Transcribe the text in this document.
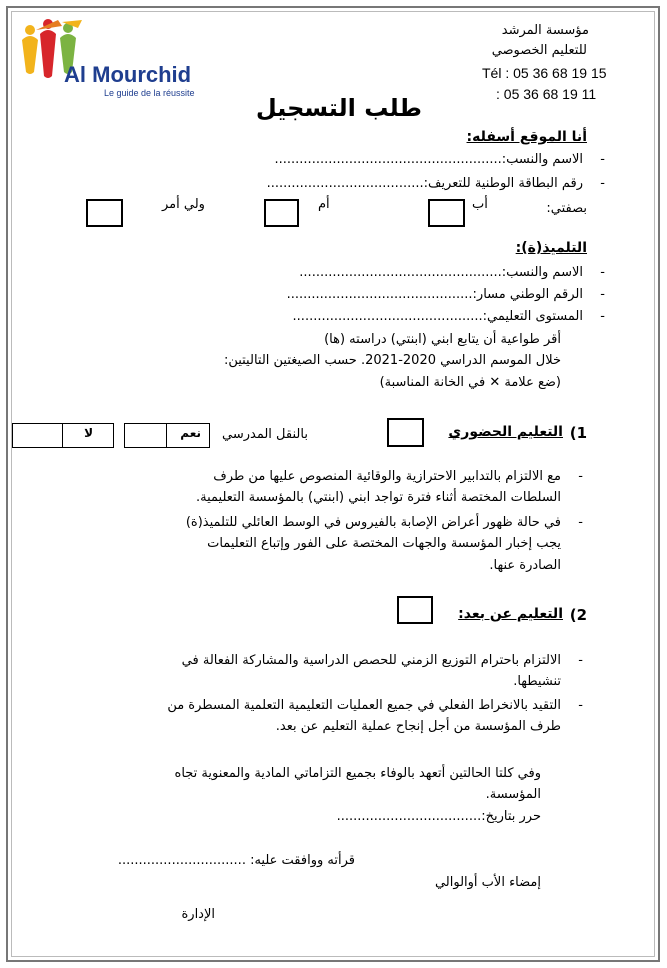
Al Mourchid
Le guide de la réussite
مؤسسة المرشد
للتعليم الخصوصي
Tél : 05 36 68 19 15
: 05 36 68 19 11
طلب التسجيل
أنا الموقع أسفله:
- الاسم والنسب:.......................................................
- رقم البطاقة الوطنية للتعريف:......................................
بصفتي:
أب
أم
ولي أمر
التلميذ(ة):
- الاسم والنسب:.................................................
- الرقم الوطني مسار:.............................................
- المستوى التعليمي:..............................................
أقر طواعية أن يتابع ابني (ابنتي) دراسته (ها)
خلال الموسم الدراسي 2020-2021. حسب الصيغتين التاليتين:
(ضع علامة ✕ في الخانة المناسبة)
1)
التعليم الحضوري
بالنقل المدرسي
نعم
لا
- مع الالتزام بالتدابير الاحترازية والوقائية المنصوص عليها من طرف
السلطات المختصة أثناء فترة تواجد ابني (ابنتي) بالمؤسسة التعليمية.
- في حالة ظهور أعراض الإصابة بالفيروس في الوسط العائلي للتلميذ(ة)
يجب إخبار المؤسسة والجهات المختصة على الفور وإتباع التعليمات
الصادرة عنها.
2)
التعليم عن بعد:
- الالتزام باحترام التوزيع الزمني للحصص الدراسية والمشاركة الفعالة في
تنشيطها.
- التقيد بالانخراط الفعلي في جميع العمليات التعليمية التعلمية المسطرة من
طرف المؤسسة من أجل إنجاح عملية التعليم عن بعد.
وفي كلتا الحالتين أتعهد بالوفاء بجميع التزاماتي المادية والمعنوية تجاه
المؤسسة.
حرر بتاريخ:...................................
قرأته ووافقت عليه: ...............................
إمضاء الأب أوالوالي
الإدارة
